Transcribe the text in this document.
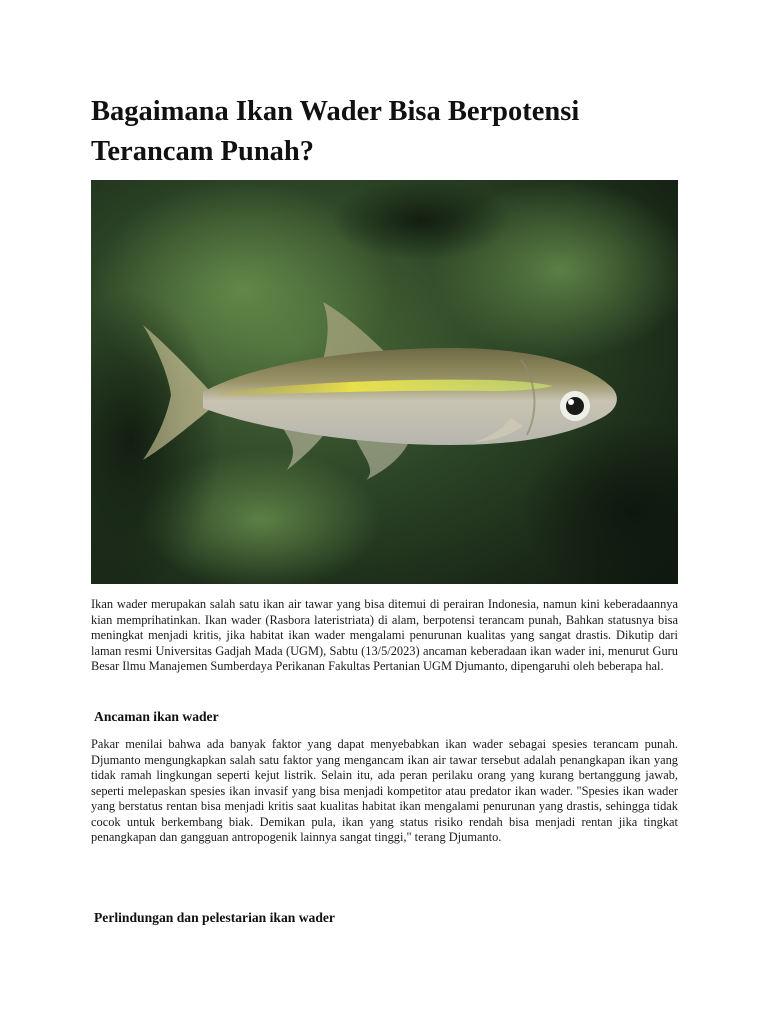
Bagaimana Ikan Wader Bisa Berpotensi Terancam Punah?

Ikan wader merupakan salah satu ikan air tawar yang bisa ditemui di perairan Indonesia, namun kini keberadaannya kian memprihatinkan. Ikan wader (Rasbora lateristriata) di alam, berpotensi terancam punah, Bahkan statusnya bisa meningkat menjadi kritis, jika habitat ikan wader mengalami penurunan kualitas yang sangat drastis. Dikutip dari laman resmi Universitas Gadjah Mada (UGM), Sabtu (13/5/2023) ancaman keberadaan ikan wader ini, menurut Guru Besar Ilmu Manajemen Sumberdaya Perikanan Fakultas Pertanian UGM Djumanto, dipengaruhi oleh beberapa hal.

Ancaman ikan wader

Pakar menilai bahwa ada banyak faktor yang dapat menyebabkan ikan wader sebagai spesies terancam punah. Djumanto mengungkapkan salah satu faktor yang mengancam ikan air tawar tersebut adalah penangkapan ikan yang tidak ramah lingkungan seperti kejut listrik. Selain itu, ada peran perilaku orang yang kurang bertanggung jawab, seperti melepaskan spesies ikan invasif yang bisa menjadi kompetitor atau predator ikan wader. "Spesies ikan wader yang berstatus rentan bisa menjadi kritis saat kualitas habitat ikan mengalami penurunan yang drastis, sehingga tidak cocok untuk berkembang biak. Demikan pula, ikan yang status risiko rendah bisa menjadi rentan jika tingkat penangkapan dan gangguan antropogenik lainnya sangat tinggi," terang Djumanto.

Perlindungan dan pelestarian ikan wader
